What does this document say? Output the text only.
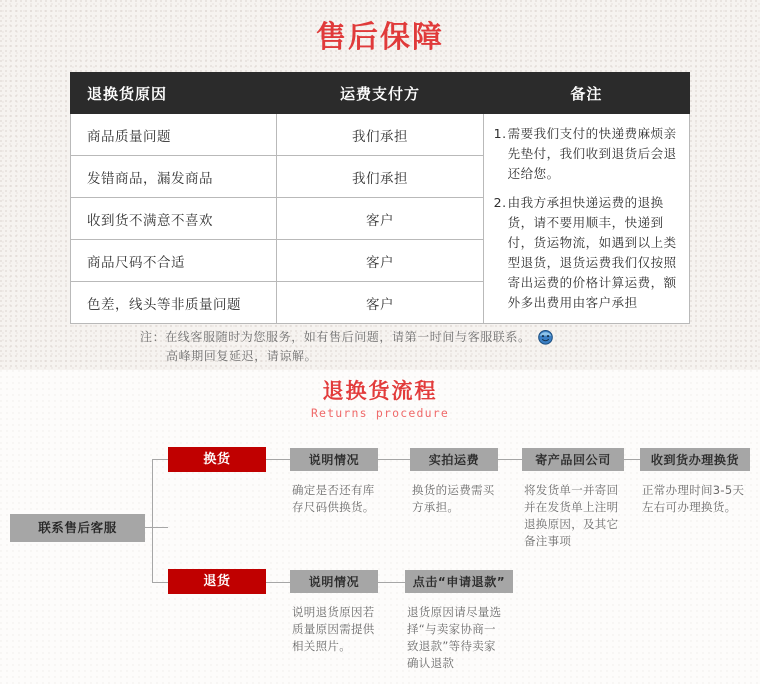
售后保障
退换货原因	运费支付方	备注
商品质量问题	我们承担	1. 需要我们支付的快递费麻烦亲先垫付，我们收到退货后会退还给您。
2. 由我方承担快递运费的退换货，请不要用顺丰，快递到付，货运物流，如遇到以上类型退货，退货运费我们仅按照寄出运费的价格计算运费，额外多出费用由客户承担

发错商品，漏发商品	我们承担	
收到货不满意不喜欢	客户	
商品尺码不合适	客户	
色差，线头等非质量问题	客户	
注：在线客服随时为您服务，如有售后问题，请第一时间与客服联系。
高峰期回复延迟，请谅解。
退换货流程
Returns procedure
联系售后客服
换货
退货
说明情况	实拍运费	寄产品回公司	收到货办理换货
确定是否还有库存尺码供换货。
换货的运费需买方承担。
将发货单一并寄回并在发货单上注明退换原因，及其它备注事项
正常办理时间3-5天左右可办理换货。
说明情况	点击“申请退款”
说明退货原因若质量原因需提供相关照片。
退货原因请尽量选择“与卖家协商一致退款”等待卖家确认退款
